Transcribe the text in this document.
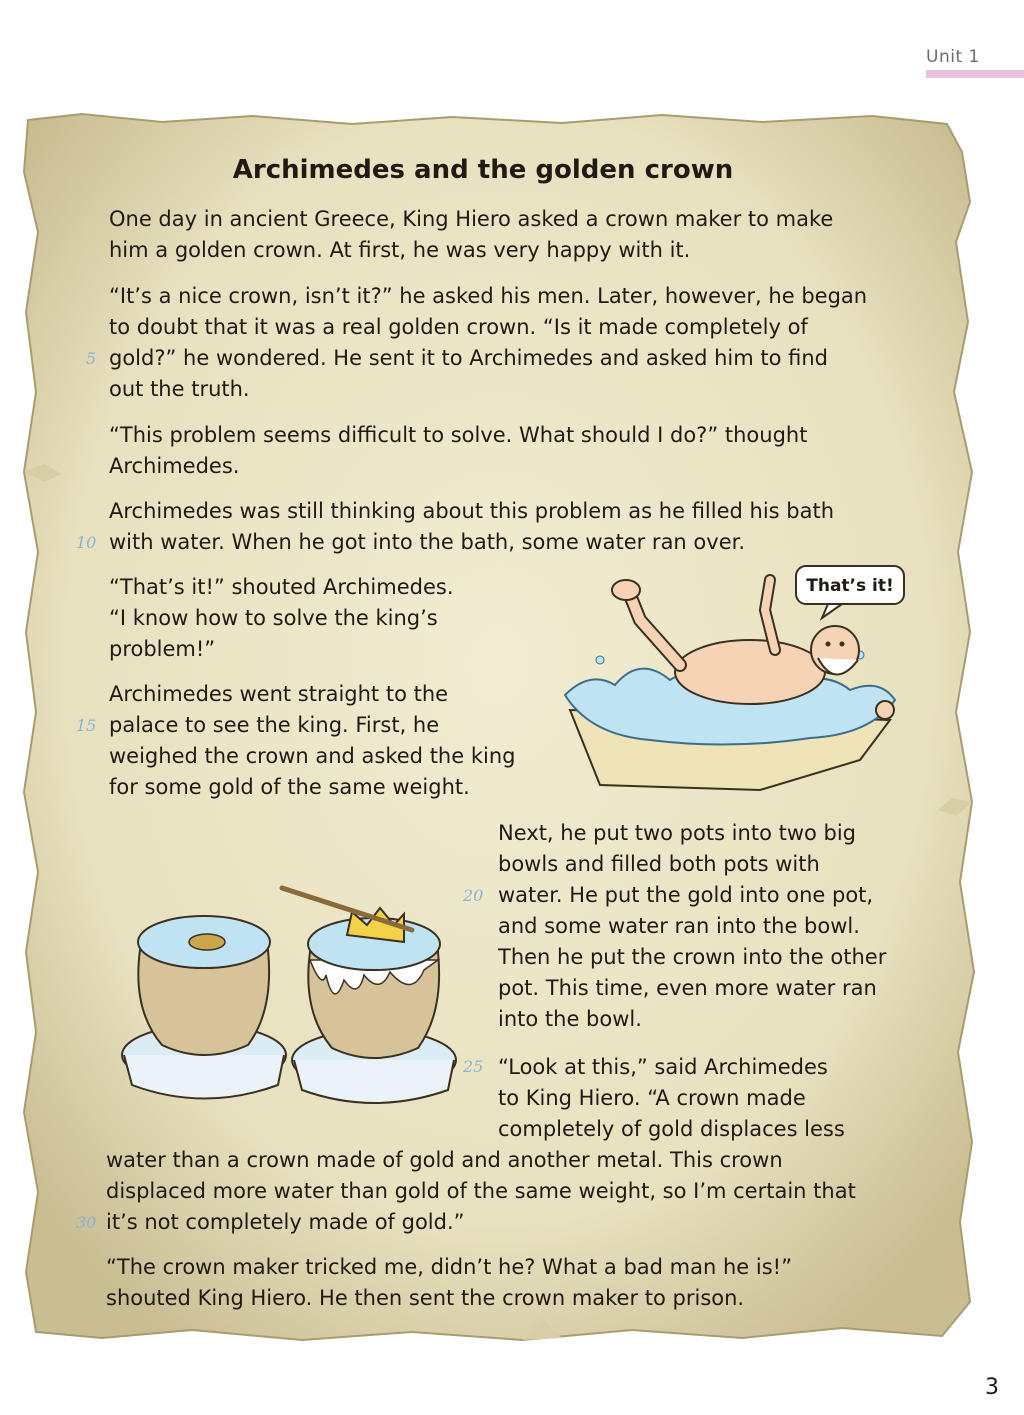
Unit 1
Archimedes and the golden crown

One day in ancient Greece, King Hiero asked a crown maker to make
him a golden crown. At first, he was very happy with it.

“It’s a nice crown, isn’t it?” he asked his men. Later, however, he began
to doubt that it was a real golden crown. “Is it made completely of
gold?” he wondered. He sent it to Archimedes and asked him to find
out the truth.

5

“This problem seems difficult to solve. What should I do?” thought
Archimedes.

Archimedes was still thinking about this problem as he filled his bath
with water. When he got into the bath, some water ran over.

10

“That’s it!” shouted Archimedes.
“I know how to solve the king’s
problem!”

Archimedes went straight to the
palace to see the king. First, he
weighed the crown and asked the king
for some gold of the same weight.

15

Next, he put two pots into two big
bowls and filled both pots with
water. He put the gold into one pot,
and some water ran into the bowl.
Then he put the crown into the other
pot. This time, even more water ran
into the bowl.

20

“Look at this,” said Archimedes
to King Hiero. “A crown made
completely of gold displaces less

water than a crown made of gold and another metal. This crown
displaced more water than gold of the same weight, so I’m certain that
it’s not completely made of gold.”

25
30

“The crown maker tricked me, didn’t he? What a bad man he is!”
shouted King Hiero. He then sent the crown maker to prison.

That’s it!
3
